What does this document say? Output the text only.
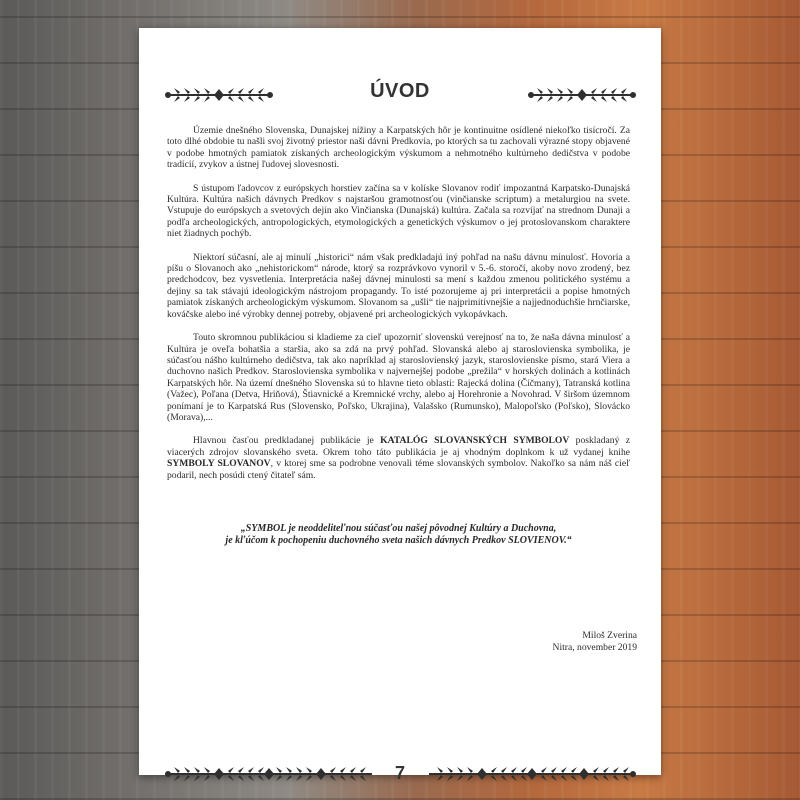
ÚVOD

Územie dnešného Slovenska, Dunajskej nížiny a Karpatských hôr je kontinuitne osídlené niekoľko tisícročí. Za toto dlhé obdobie tu našli svoj životný priestor naši dávni Predkovia, po ktorých sa tu zachovali výrazné stopy objavené v podobe hmotných pamiatok získaných archeologickým výskumom a nehmotného kultúrneho dedičstva v podobe tradícií, zvykov a ústnej ľudovej slovesnosti.

S ústupom ľadovcov z európskych horstiev začína sa v kolíske Slovanov rodiť impozantná Karpatsko-Dunajská Kultúra. Kultúra našich dávnych Predkov s najstaršou gramotnosťou (vinčianske scriptum) a metalurgiou na svete. Vstupuje do európskych a svetových dejín ako Vinčianska (Dunajská) kultúra. Začala sa rozvíjať na strednom Dunaji a podľa archeologických, antropologických, etymologických a genetických výskumov o jej protoslovanskom charaktere niet žiadnych pochýb.

Niektorí súčasní, ale aj minulí „historici“ nám však predkladajú iný pohľad na našu dávnu minulosť. Hovoria a píšu o Slovanoch ako „nehistorickom“ národe, ktorý sa rozprávkovo vynoril v 5.-6. storočí, akoby novo zrodený, bez predchodcov, bez vysvetlenia. Interpretácia našej dávnej minulosti sa mení s každou zmenou politického systému a dejiny sa tak stávajú ideologickým nástrojom propagandy. To isté pozorujeme aj pri interpretácii a popise hmotných pamiatok získaných archeologickým výskumom. Slovanom sa „ušli“ tie najprimitívnejšie a najjednoduchšie hrnčiarske, kováčske alebo iné výrobky dennej potreby, objavené pri archeologických vykopávkach.

Touto skromnou publikáciou si kladieme za cieľ upozorniť slovenskú verejnosť na to, že naša dávna minulosť a Kultúra je oveľa bohatšia a staršia, ako sa zdá na prvý pohľad. Slovanská alebo aj staroslovienska symbolika, je súčasťou nášho kultúrneho dedičstva, tak ako napríklad aj staroslovienský jazyk, staroslovienske písmo, stará Viera a duchovno našich Predkov. Staroslovienska symbolika v najvernejšej podobe „prežila“ v horských dolinách a kotlinách Karpatských hôr. Na území dnešného Slovenska sú to hlavne tieto oblasti: Rajecká dolina (Čičmany), Tatranská kotlina (Važec), Poľana (Detva, Hriňová), Štiavnické a Kremnické vrchy, alebo aj Horehronie a Novohrad. V širšom územnom ponímaní je to Karpatská Rus (Slovensko, Poľsko, Ukrajina), Valašsko (Rumunsko), Malopoľsko (Poľsko), Slovácko (Morava),...

Hlavnou časťou predkladanej publikácie je KATALÓG SLOVANSKÝCH SYMBOLOV poskladaný z viacerých zdrojov slovanského sveta. Okrem toho táto publikácia je aj vhodným doplnkom k už vydanej knihe SYMBOLY SLOVANOV, v ktorej sme sa podrobne venovali téme slovanských symbolov. Nakoľko sa nám náš cieľ podaril, nech posúdi ctený čitateľ sám.

„SYMBOL je neoddeliteľnou súčasťou našej pôvodnej Kultúry a Duchovna,
je kľúčom k pochopeniu duchovného sveta našich dávnych Predkov SLOVIENOV.“
Miloš Zverina
Nitra, november 2019
7
